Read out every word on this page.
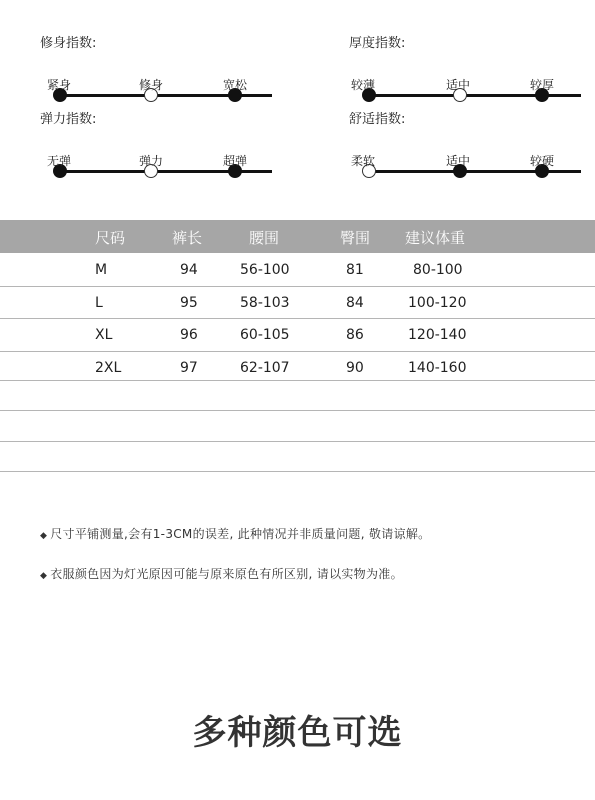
修身指数:
紧身	修身	宽松
厚度指数:
较薄	适中	较厚
弹力指数:
无弹	弹力	超弹
舒适指数:
柔软	适中	较硬
尺码	裤长	腰围	臀围 建议体重
M	94	56-100	81	80-100
L	95	58-103	84	100-120
XL	96	60-105	86	120-140
2XL	97	62-107	90	140-160
◆ 尺寸平铺测量,会有1-3CM的误差, 此种情况并非质量问题, 敬请谅解。
◆ 衣服颜色因为灯光原因可能与原来原色有所区别, 请以实物为准。
多种颜色可选
